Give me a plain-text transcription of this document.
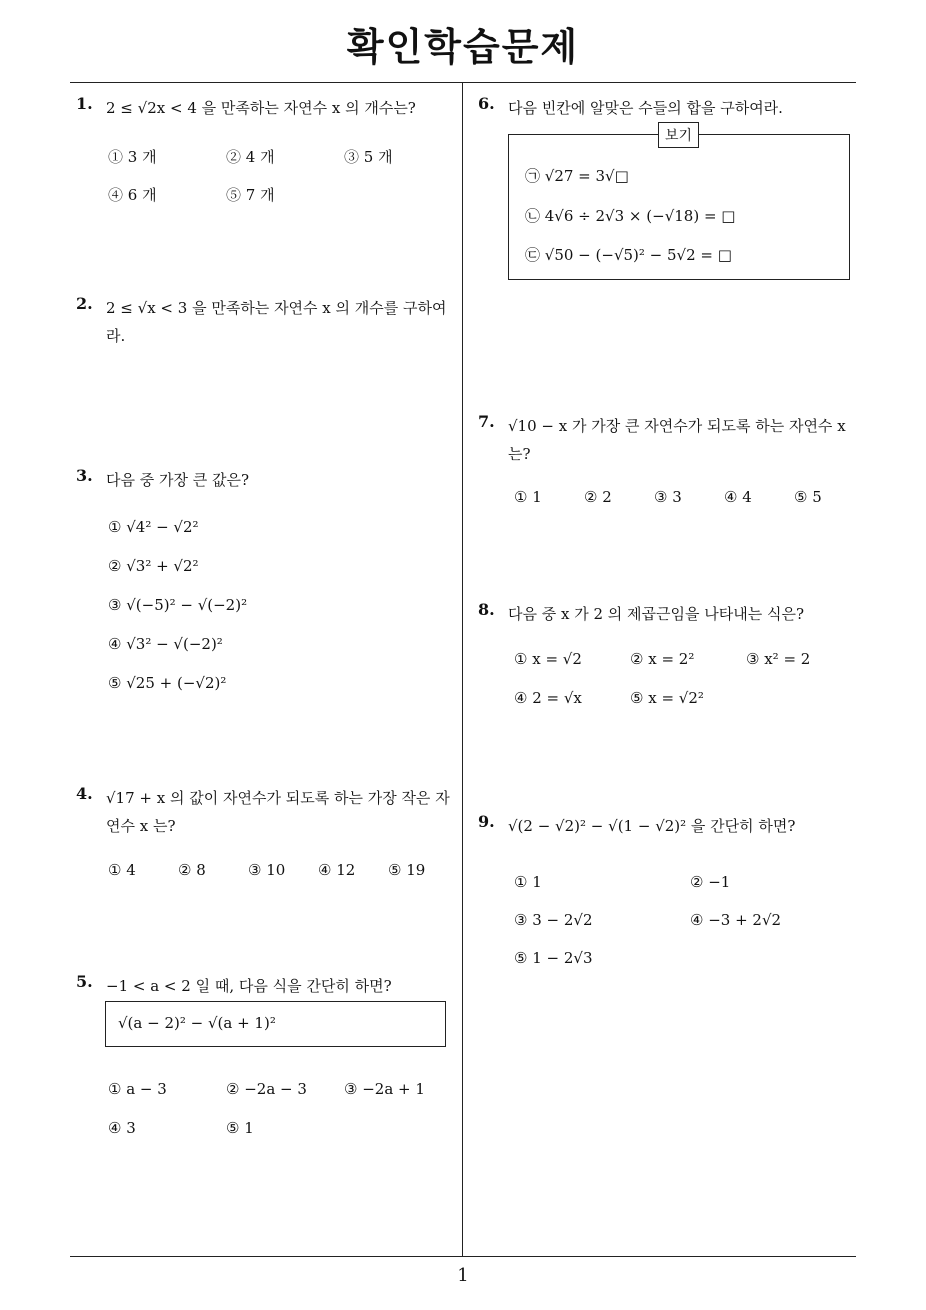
확인학습문제
1
1. 2 ≤ √2x < 4 을 만족하는 자연수 x 의 개수는?
① 3 개	② 4 개	③ 5 개
④ 6 개	⑤ 7 개
2. 2 ≤ √x < 3 을 만족하는 자연수 x 의 개수를 구하여
라.
3. 다음 중 가장 큰 값은?
① √4² − √2²
② √3² + √2²
③ √(−5)² − √(−2)²
④ √3² − √(−2)²
⑤ √25 + (−√2)²
4. √17 + x 의 값이 자연수가 되도록 하는 가장 작은 자
연수 x 는?
① 4	② 8	③ 10 ④ 12 ⑤ 19
5. −1 < a < 2 일 때, 다음 식을 간단히 하면?
√(a − 2)² − √(a + 1)²
① a − 3	② −2a − 3 ③ −2a + 1
④ 3	⑤ 1
6. 다음 빈칸에 알맞은 수들의 합을 구하여라.
㉠ √27 = 3√□
㉡ 4√6 ÷ 2√3 × (−√18) = □
㉢ √50 − (−√5)² − 5√2 = □
보기
7. √10 − x 가 가장 큰 자연수가 되도록 하는 자연수 x
는?
① 1	② 2	③ 3	④ 4	⑤ 5
8. 다음 중 x 가 2 의 제곱근임을 나타내는 식은?
① x = √2	② x = 2²	③ x² = 2
④ 2 = √x	⑤ x = √2²
9. √(2 − √2)² − √(1 − √2)² 을 간단히 하면?
① 1	② −1
③ 3 − 2√2	④ −3 + 2√2
⑤ 1 − 2√3
